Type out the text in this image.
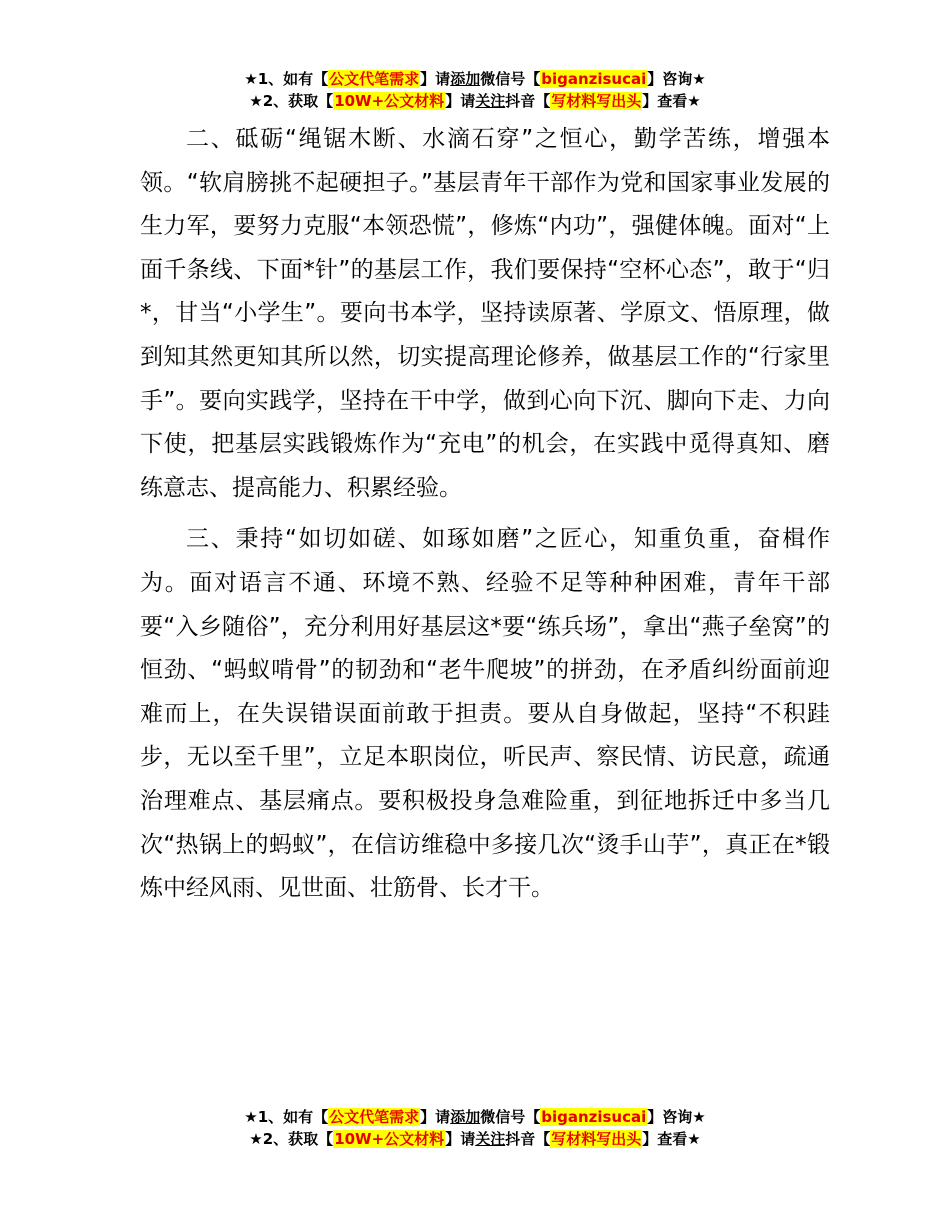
★1、如有【公文代笔需求】请添加微信号【biganzisucai】咨询★
★2、获取【10W+公文材料】请关注抖音【写材料写出头】查看★

二、砥砺“绳锯木断、水滴石穿”之恒心，勤学苦练，增强本领。“软肩膀挑不起硬担子。”基层青年干部作为党和国家事业发展的生力军，要努力克服“本领恐慌”，修炼“内功”，强健体魄。面对“上面千条线、下面*针”的基层工作，我们要保持“空杯心态”，敢于“归*，甘当“小学生”。要向书本学，坚持读原著、学原文、悟原理，做到知其然更知其所以然，切实提高理论修养，做基层工作的“行家里手”。要向实践学，坚持在干中学，做到心向下沉、脚向下走、力向下使，把基层实践锻炼作为“充电”的机会，在实践中觅得真知、磨练意志、提高能力、积累经验。

三、秉持“如切如磋、如琢如磨”之匠心，知重负重，奋楫作为。面对语言不通、环境不熟、经验不足等种种困难，青年干部要“入乡随俗”，充分利用好基层这*要“练兵场”，拿出“燕子垒窝”的恒劲、“蚂蚁啃骨”的韧劲和“老牛爬坡”的拼劲，在矛盾纠纷面前迎难而上，在失误错误面前敢于担责。要从自身做起，坚持“不积跬步，无以至千里”，立足本职岗位，听民声、察民情、访民意，疏通治理难点、基层痛点。要积极投身急难险重，到征地拆迁中多当几次“热锅上的蚂蚁”，在信访维稳中多接几次“烫手山芋”，真正在*锻炼中经风雨、见世面、壮筋骨、长才干。

★1、如有【公文代笔需求】请添加微信号【biganzisucai】咨询★
★2、获取【10W+公文材料】请关注抖音【写材料写出头】查看★
